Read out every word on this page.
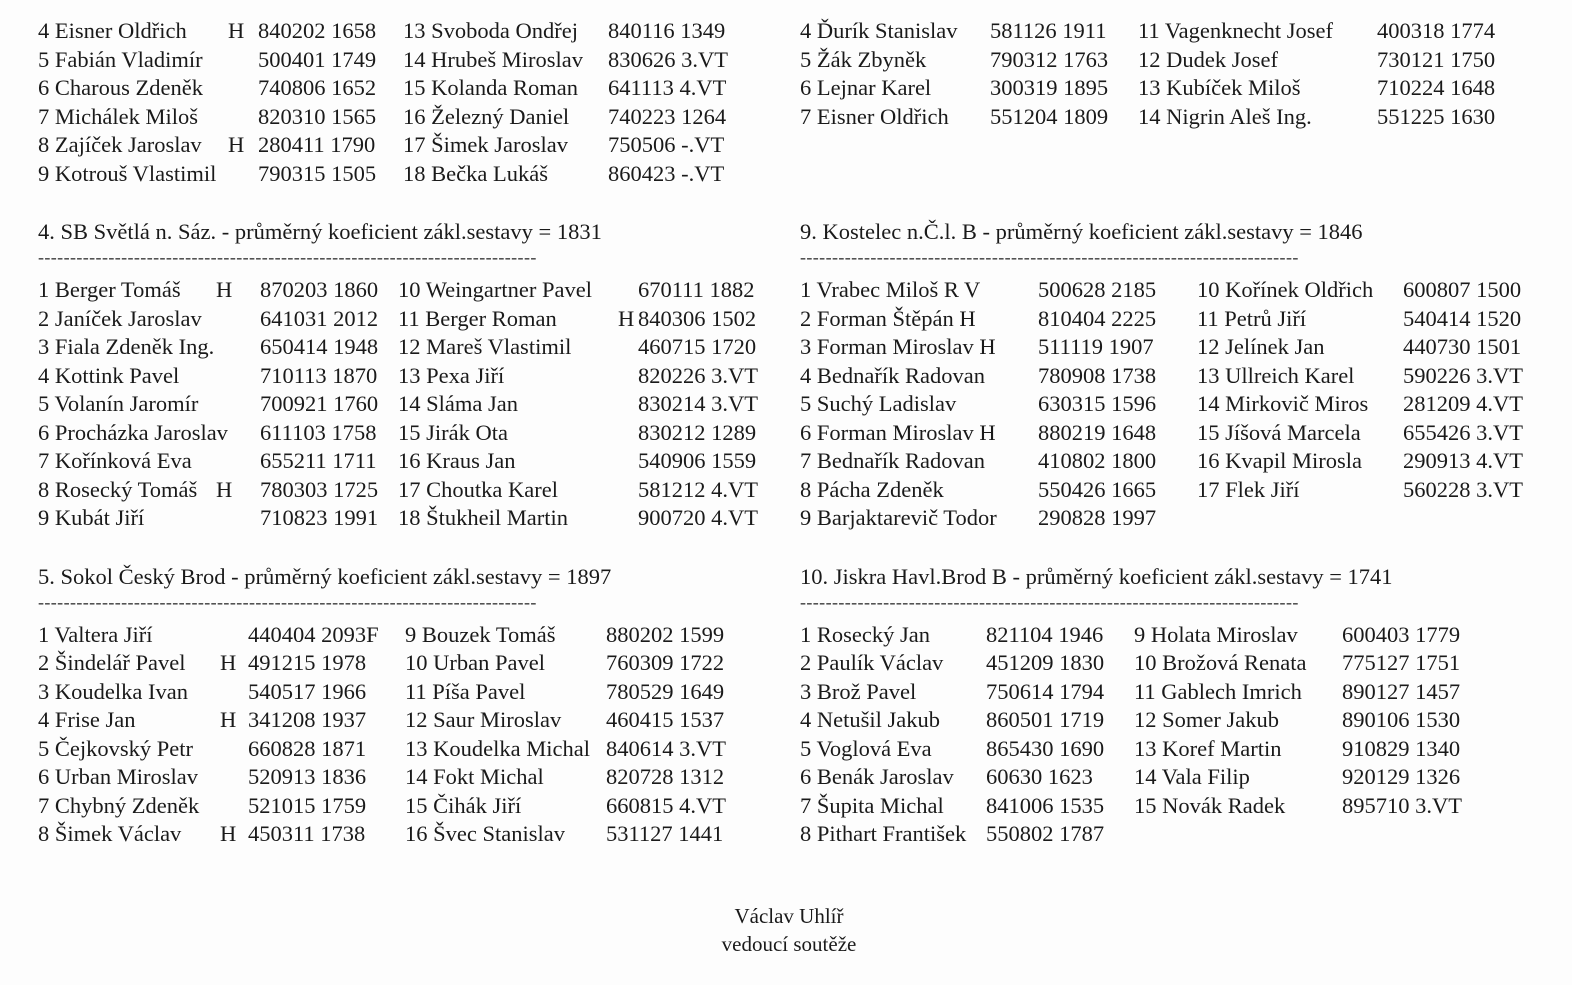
4 Eisner Oldřich H 840202 1658 13 Svoboda Ondřej 840116 1349
5 Fabián Vladimír 500401 1749 14 Hrubeš Miroslav 830626 3.VT
6 Charous Zdeněk 740806 1652 15 Kolanda Roman 641113 4.VT
7 Michálek Miloš	820310 1565 16 Železný Daniel 740223 1264
8 Zajíček Jaroslav H 280411 1790 17 Šimek Jaroslav 750506 -.VT
9 Kotrouš Vlastimil 790315 1505 18 Bečka Lukáš	860423 -.VT
4. SB Světlá n. Sáz. - průměrný koeficient zákl.sestavy = 1831
------------------------------------------------------------------------------
1 Berger Tomáš H 870203 1860 10 Weingartner Pavel 670111 1882
2 Janíček Jaroslav	641031 2012 11 Berger Roman	H 840306 1502
3 Fiala Zdeněk Ing. 650414 1948 12 Mareš Vlastimil	460715 1720
4 Kottink Pavel	710113 1870 13 Pexa Jiří	820226 3.VT
5 Volanín Jaromír	700921 1760 14 Sláma Jan	830214 3.VT
6 Procházka Jaroslav 611103 1758 15 Jirák Ota	830212 1289
7 Kořínková Eva	655211 1711 16 Kraus Jan	540906 1559
8 Rosecký Tomáš H 780303 1725 17 Choutka Karel	581212 4.VT
9 Kubát Jiří	710823 1991 18 Štukheil Martin	900720 4.VT
5. Sokol Český Brod - průměrný koeficient zákl.sestavy = 1897
------------------------------------------------------------------------------
1 Valtera Jiří	440404 2093F 9 Bouzek Tomáš 880202 1599
2 Šindelář Pavel H 491215 1978 10 Urban Pavel	760309 1722
3 Koudelka Ivan	540517 1966 11 Píša Pavel	780529 1649
4 Frise Jan	H 341208 1937 12 Saur Miroslav 460415 1537
5 Čejkovský Petr 660828 1871 13 Koudelka Michal 840614 3.VT
6 Urban Miroslav 520913 1836 14 Fokt Michal	820728 1312
7 Chybný Zdeněk 521015 1759 15 Čihák Jiří	660815 4.VT
8 Šimek Václav H 450311 1738 16 Švec Stanislav 531127 1441
4 Ďurík Stanislav 581126 1911 11 Vagenknecht Josef 400318 1774
5 Žák Zbyněk	790312 1763 12 Dudek Josef	730121 1750
6 Lejnar Karel	300319 1895 13 Kubíček Miloš	710224 1648
7 Eisner Oldřich 551204 1809 14 Nigrin Aleš Ing.	551225 1630
9. Kostelec n.Č.l. B - průměrný koeficient zákl.sestavy = 1846
------------------------------------------------------------------------------
1 Vrabec Miloš R V	500628 2185 10 Kořínek Oldřich 600807 1500
2 Forman Štěpán H	810404 2225 11 Petrů Jiří	540414 1520
3 Forman Miroslav H 511119 1907 12 Jelínek Jan	440730 1501
4 Bednařík Radovan 780908 1738 13 Ullreich Karel 590226 3.VT
5 Suchý Ladislav	630315 1596 14 Mirkovič Miros 281209 4.VT
6 Forman Miroslav H 880219 1648 15 Jíšová Marcela 655426 3.VT
7 Bednařík Radovan 410802 1800 16 Kvapil Mirosla 290913 4.VT
8 Pácha Zdeněk	550426 1665 17 Flek Jiří	560228 3.VT
9 Barjaktarevič Todor 290828 1997
10. Jiskra Havl.Brod B - průměrný koeficient zákl.sestavy = 1741
------------------------------------------------------------------------------
1 Rosecký Jan 821104 1946 9 Holata Miroslav 600403 1779
2 Paulík Václav 451209 1830 10 Brožová Renata 775127 1751
3 Brož Pavel	750614 1794 11 Gablech Imrich 890127 1457
4 Netušil Jakub 860501 1719 12 Somer Jakub	890106 1530
5 Voglová Eva 865430 1690 13 Koref Martin	910829 1340
6 Benák Jaroslav 60630 1623 14 Vala Filip	920129 1326
7 Šupita Michal 841006 1535 15 Novák Radek	895710 3.VT
8 Pithart František 550802 1787
Václav Uhlíř
vedoucí soutěže
